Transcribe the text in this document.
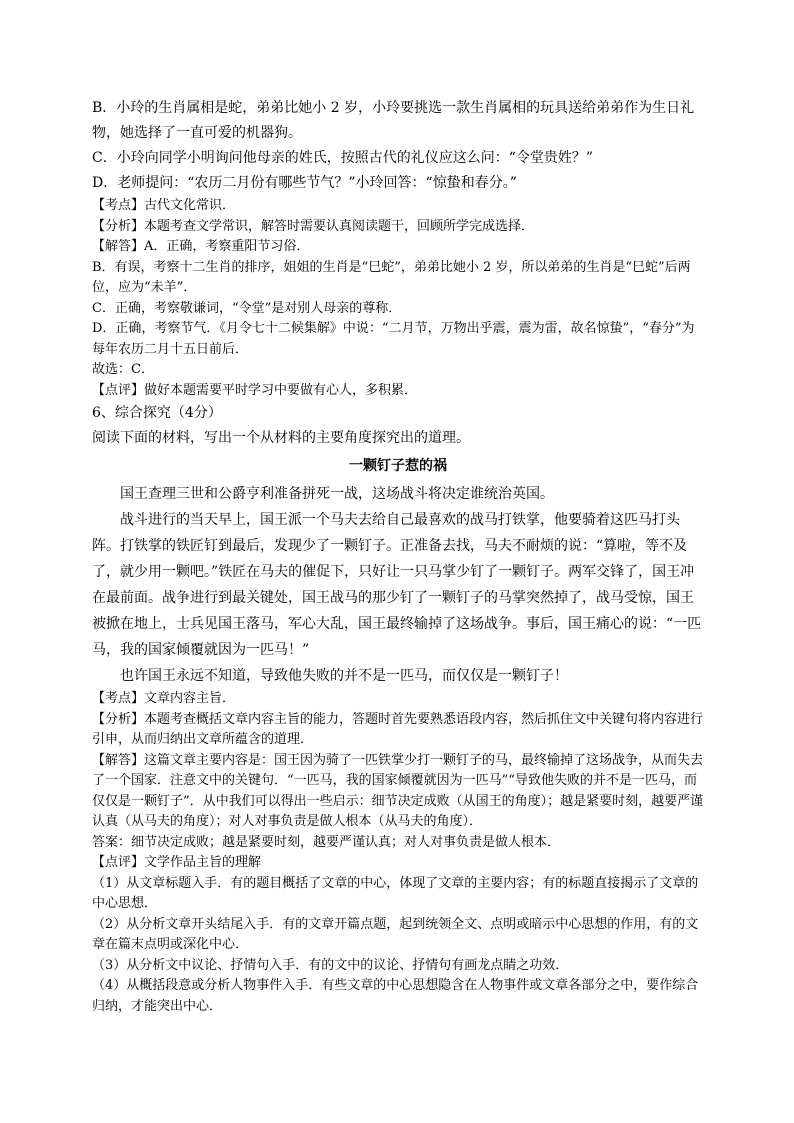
B．小玲的生肖属相是蛇，弟弟比她小 2 岁，小玲要挑选一款生肖属相的玩具送给弟弟作为生日礼物，她选择了一直可爱的机器狗。

C．小玲向同学小明询问他母亲的姓氏，按照古代的礼仪应这么问：“令堂贵姓？”

D．老师提问：“农历二月份有哪些节气？”小玲回答：“惊蛰和春分。”

【考点】古代文化常识．

【分析】本题考查文学常识，解答时需要认真阅读题干，回顾所学完成选择．

【解答】A．正确，考察重阳节习俗．

B．有误，考察十二生肖的排序，姐姐的生肖是“巳蛇”，弟弟比她小 2 岁，所以弟弟的生肖是“巳蛇”后两位，应为“未羊”．

C．正确，考察敬谦词，“令堂”是对别人母亲的尊称．

D．正确，考察节气．《月令七十二候集解》中说：“二月节，万物出乎震，震为雷，故名惊蛰”，“春分”为每年农历二月十五日前后．

故选：C．

【点评】做好本题需要平时学习中要做有心人，多积累．

6、综合探究（4分）

阅读下面的材料，写出一个从材料的主要角度探究出的道理。

一颗钉子惹的祸

国王查理三世和公爵亨利准备拼死一战，这场战斗将决定谁统治英国。

战斗进行的当天早上，国王派一个马夫去给自己最喜欢的战马打铁掌，他要骑着这匹马打头阵。打铁掌的铁匠钉到最后，发现少了一颗钉子。正准备去找，马夫不耐烦的说：“算啦，等不及了，就少用一颗吧。”铁匠在马夫的催促下，只好让一只马掌少钉了一颗钉子。两军交锋了，国王冲在最前面。战争进行到最关键处，国王战马的那少钉了一颗钉子的马掌突然掉了，战马受惊，国王被掀在地上，士兵见国王落马，军心大乱，国王最终输掉了这场战争。事后，国王痛心的说：“一匹马，我的国家倾覆就因为一匹马！”

也许国王永远不知道，导致他失败的并不是一匹马，而仅仅是一颗钉子！

【考点】文章内容主旨．

【分析】本题考查概括文章内容主旨的能力，答题时首先要熟悉语段内容，然后抓住文中关键句将内容进行引申，从而归纳出文章所蕴含的道理．

【解答】这篇文章主要内容是：国王因为骑了一匹铁掌少打一颗钉子的马，最终输掉了这场战争，从而失去了一个国家．注意文中的关键句．“一匹马，我的国家倾覆就因为一匹马”“导致他失败的并不是一匹马，而仅仅是一颗钉子”．从中我们可以得出一些启示：细节决定成败（从国王的角度）；越是紧要时刻，越要严谨认真（从马夫的角度）；对人对事负责是做人根本（从马夫的角度）．

答案：细节决定成败；越是紧要时刻，越要严谨认真；对人对事负责是做人根本．

【点评】文学作品主旨的理解

（1）从文章标题入手．有的题目概括了文章的中心，体现了文章的主要内容；有的标题直接揭示了文章的中心思想．

（2）从分析文章开头结尾入手．有的文章开篇点题，起到统领全文、点明或暗示中心思想的作用，有的文章在篇末点明或深化中心．

（3）从分析文中议论、抒情句入手．有的文中的议论、抒情句有画龙点睛之功效．

（4）从概括段意或分析人物事件入手．有些文章的中心思想隐含在人物事件或文章各部分之中，要作综合归纳，才能突出中心．
